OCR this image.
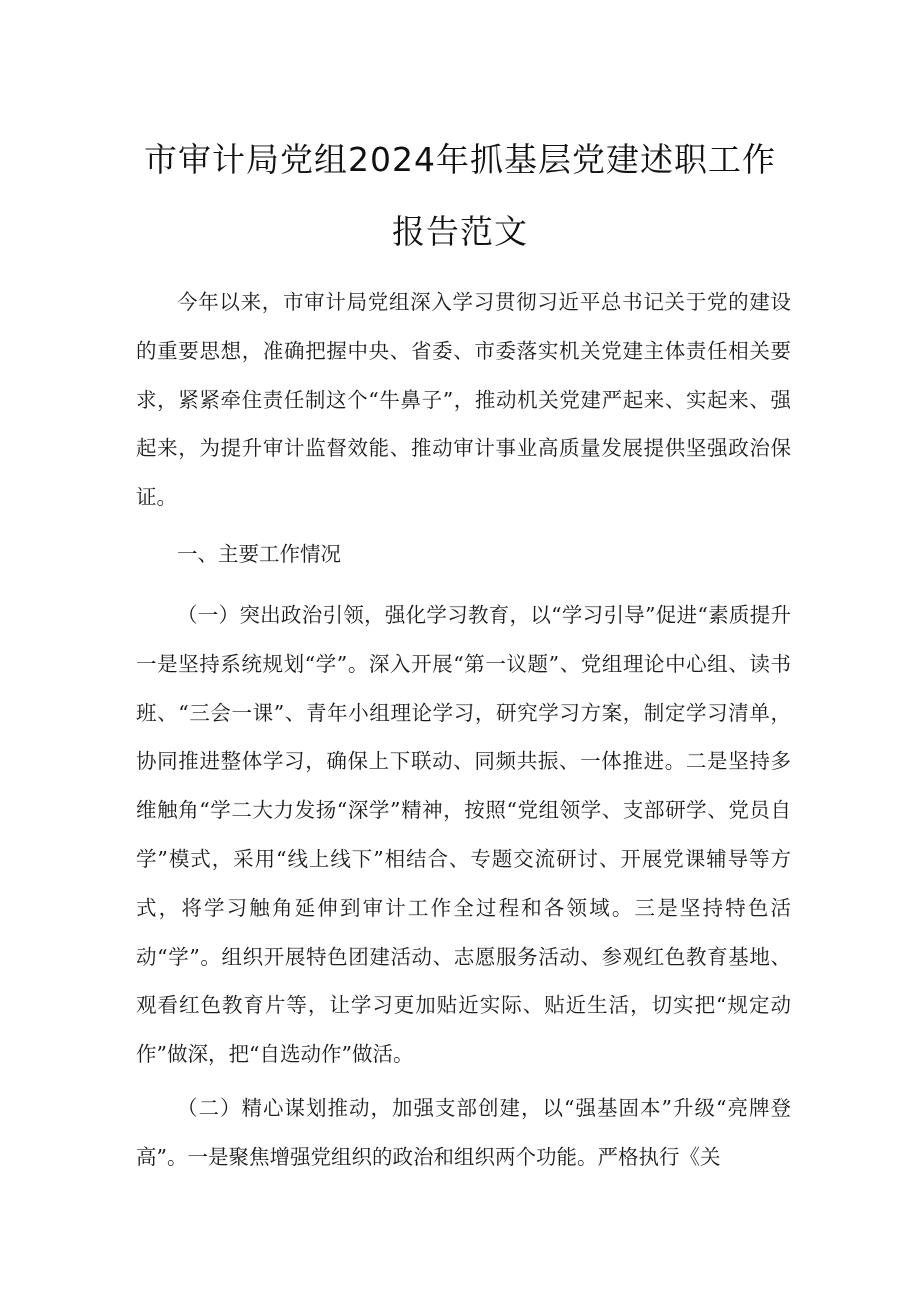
市审计局党组2024年抓基层党建述职工作
报告范文

今年以来，市审计局党组深入学习贯彻习近平总书记关于党的建设的重要思想，准确把握中央、省委、市委落实机关党建主体责任相关要求，紧紧牵住责任制这个“牛鼻子”，推动机关党建严起来、实起来、强起来，为提升审计监督效能、推动审计事业高质量发展提供坚强政治保证。

一、主要工作情况

（一）突出政治引领，强化学习教育，以“学习引导”促进“素质提升一是坚持系统规划“学”。深入开展“第一议题”、党组理论中心组、读书班、“三会一课”、青年小组理论学习，研究学习方案，制定学习清单，协同推进整体学习，确保上下联动、同频共振、一体推进。二是坚持多维触角“学二大力发扬“深学”精神，按照“党组领学、支部研学、党员自学”模式，采用“线上线下”相结合、专题交流研讨、开展党课辅导等方式，将学习触角延伸到审计工作全过程和各领域。三是坚持特色活动“学”。组织开展特色团建活动、志愿服务活动、参观红色教育基地、观看红色教育片等，让学习更加贴近实际、贴近生活，切实把“规定动作”做深，把“自选动作”做活。

（二）精心谋划推动，加强支部创建，以“强基固本”升级“亮牌登高”。一是聚焦增强党组织的政治和组织两个功能。严格执行《关
